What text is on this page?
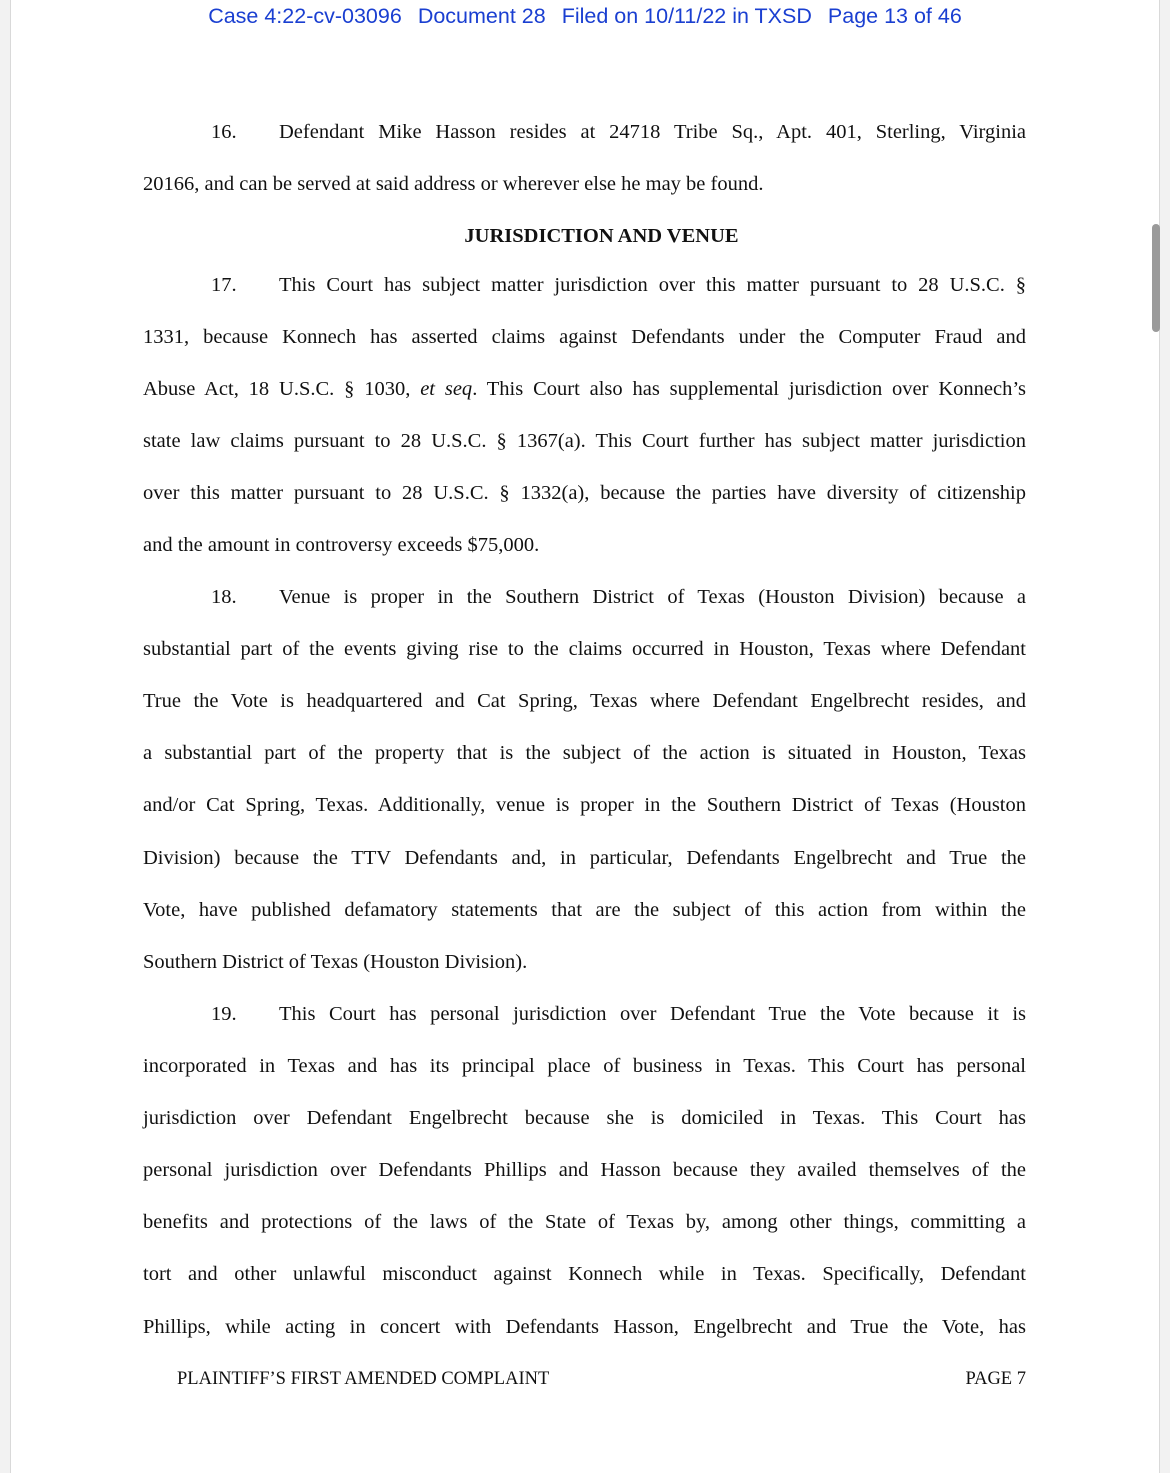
Case 4:22-cv-03096 Document 28 Filed on 10/11/22 in TXSD Page 13 of 46
16. Defendant Mike Hasson resides at 24718 Tribe Sq., Apt. 401, Sterling, Virginia
20166, and can be served at said address or wherever else he may be found.
JURISDICTION AND VENUE
17. This Court has subject matter jurisdiction over this matter pursuant to 28 U.S.C. §
1331, because Konnech has asserted claims against Defendants under the Computer Fraud and
Abuse Act, 18 U.S.C. § 1030, et seq. This Court also has supplemental jurisdiction over Konnech’s
state law claims pursuant to 28 U.S.C. § 1367(a). This Court further has subject matter jurisdiction
over this matter pursuant to 28 U.S.C. § 1332(a), because the parties have diversity of citizenship
and the amount in controversy exceeds $75,000.
18. Venue is proper in the Southern District of Texas (Houston Division) because a
substantial part of the events giving rise to the claims occurred in Houston, Texas where Defendant
True the Vote is headquartered and Cat Spring, Texas where Defendant Engelbrecht resides, and
a substantial part of the property that is the subject of the action is situated in Houston, Texas
and/or Cat Spring, Texas. Additionally, venue is proper in the Southern District of Texas (Houston
Division) because the TTV Defendants and, in particular, Defendants Engelbrecht and True the
Vote, have published defamatory statements that are the subject of this action from within the
Southern District of Texas (Houston Division).
19. This Court has personal jurisdiction over Defendant True the Vote because it is
incorporated in Texas and has its principal place of business in Texas. This Court has personal
jurisdiction over Defendant Engelbrecht because she is domiciled in Texas. This Court has
personal jurisdiction over Defendants Phillips and Hasson because they availed themselves of the
benefits and protections of the laws of the State of Texas by, among other things, committing a
tort and other unlawful misconduct against Konnech while in Texas. Specifically, Defendant
Phillips, while acting in concert with Defendants Hasson, Engelbrecht and True the Vote, has
PLAINTIFF’S FIRST AMENDED COMPLAINT	PAGE 7
